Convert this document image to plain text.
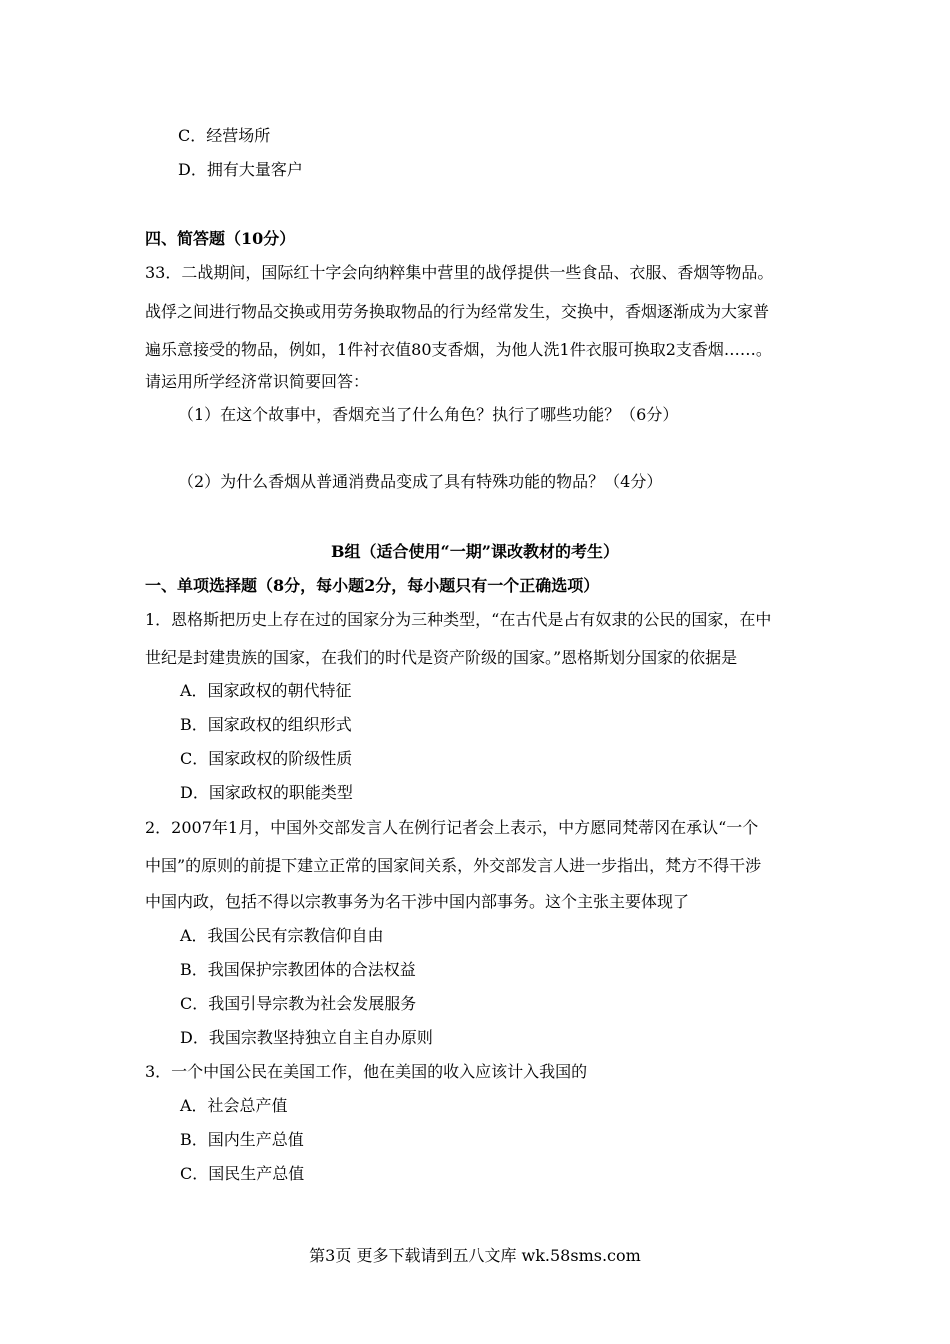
C．经营场所
D．拥有大量客户
四、简答题（10分）
33．二战期间，国际红十字会向纳粹集中营里的战俘提供一些食品、衣服、香烟等物品。
战俘之间进行物品交换或用劳务换取物品的行为经常发生，交换中，香烟逐渐成为大家普
遍乐意接受的物品，例如，1件衬衣值80支香烟，为他人洗1件衣服可换取2支香烟……。
请运用所学经济常识简要回答：
（1）在这个故事中，香烟充当了什么角色？执行了哪些功能？（6分）
（2）为什么香烟从普通消费品变成了具有特殊功能的物品？（4分）
B组（适合使用“一期”课改教材的考生）
一、单项选择题（8分，每小题2分，每小题只有一个正确选项）
1．恩格斯把历史上存在过的国家分为三种类型，“在古代是占有奴隶的公民的国家，在中
世纪是封建贵族的国家，在我们的时代是资产阶级的国家。”恩格斯划分国家的依据是
A．国家政权的朝代特征
B．国家政权的组织形式
C．国家政权的阶级性质
D．国家政权的职能类型
2．2007年1月，中国外交部发言人在例行记者会上表示，中方愿同梵蒂冈在承认“一个
中国”的原则的前提下建立正常的国家间关系，外交部发言人进一步指出，梵方不得干涉
中国内政，包括不得以宗教事务为名干涉中国内部事务。这个主张主要体现了
A．我国公民有宗教信仰自由
B．我国保护宗教团体的合法权益
C．我国引导宗教为社会发展服务
D．我国宗教坚持独立自主自办原则
3．一个中国公民在美国工作，他在美国的收入应该计入我国的
A．社会总产值
B．国内生产总值
C．国民生产总值
第3页 更多下载请到五八文库 wk.58sms.com
